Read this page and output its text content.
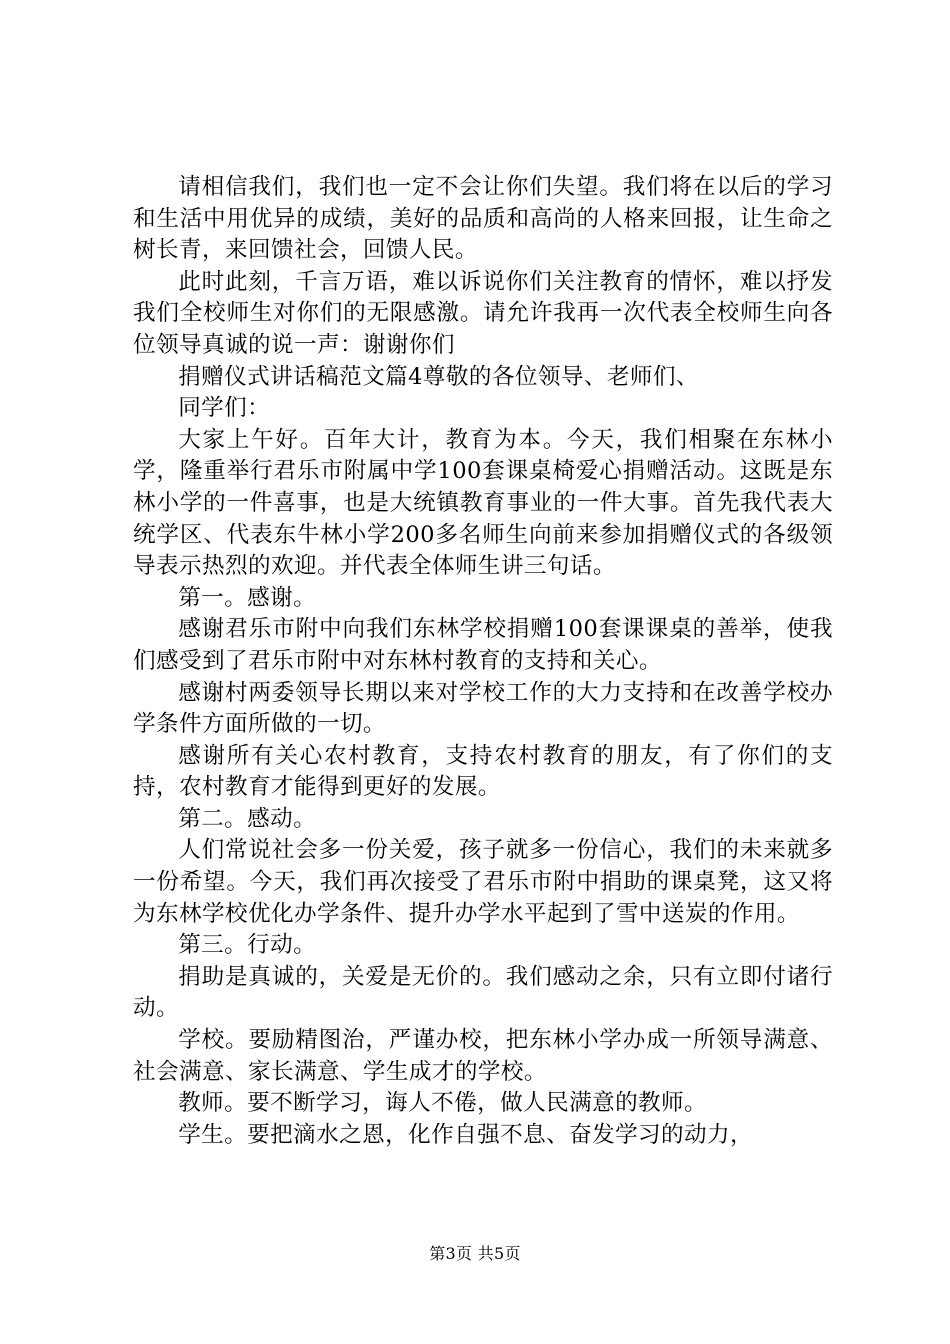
请相信我们，我们也一定不会让你们失望。我们将在以后的学习和生活中用优异的成绩，美好的品质和高尚的人格来回报，让生命之树长青，来回馈社会，回馈人民。

此时此刻，千言万语，难以诉说你们关注教育的情怀，难以抒发我们全校师生对你们的无限感激。请允许我再一次代表全校师生向各位领导真诚的说一声：谢谢你们

捐赠仪式讲话稿范文篇4尊敬的各位领导、老师们、

同学们：

大家上午好。百年大计，教育为本。今天，我们相聚在东林小学，隆重举行君乐市附属中学100套课桌椅爱心捐赠活动。这既是东林小学的一件喜事，也是大统镇教育事业的一件大事。首先我代表大统学区、代表东牛林小学200多名师生向前来参加捐赠仪式的各级领导表示热烈的欢迎。并代表全体师生讲三句话。

第一。感谢。

感谢君乐市附中向我们东林学校捐赠100套课课桌的善举，使我们感受到了君乐市附中对东林村教育的支持和关心。

感谢村两委领导长期以来对学校工作的大力支持和在改善学校办学条件方面所做的一切。

感谢所有关心农村教育，支持农村教育的朋友，有了你们的支持，农村教育才能得到更好的发展。

第二。感动。

人们常说社会多一份关爱，孩子就多一份信心，我们的未来就多一份希望。今天，我们再次接受了君乐市附中捐助的课桌凳，这又将为东林学校优化办学条件、提升办学水平起到了雪中送炭的作用。

第三。行动。

捐助是真诚的，关爱是无价的。我们感动之余，只有立即付诸行动。

学校。要励精图治，严谨办校，把东林小学办成一所领导满意、社会满意、家长满意、学生成才的学校。

教师。要不断学习，诲人不倦，做人民满意的教师。

学生。要把滴水之恩，化作自强不息、奋发学习的动力，

第3页 共5页
